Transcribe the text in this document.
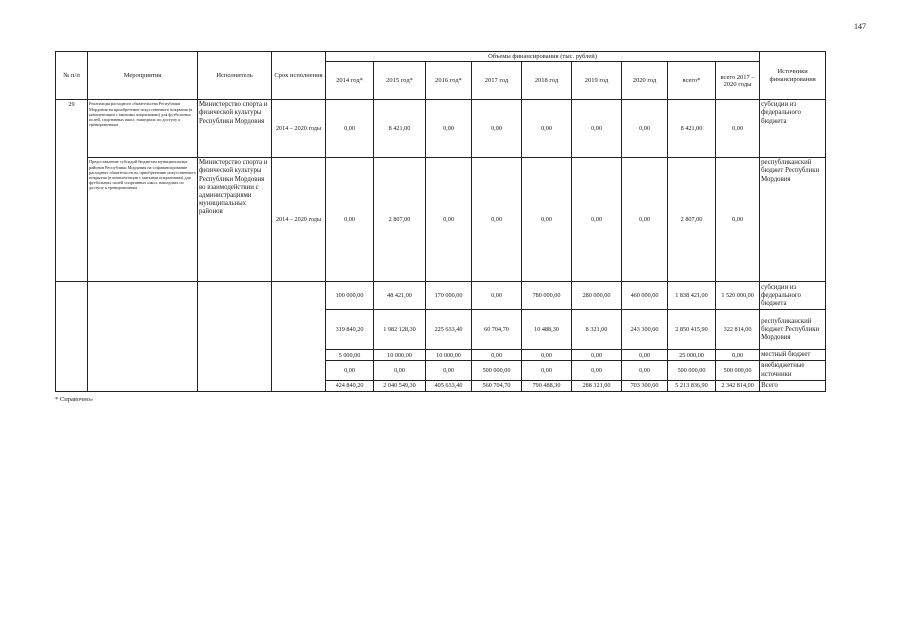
147
№ п/п	Мероприятия	Исполнитель	Срок исполнения	Объемы финансирования (тыс. рублей)									Источники финансирования
				2014 год*	2015 год*	2016 год*	2017 год	2018 год	2019 год	2020 год	всего*	всего 2017 – 2020 годы	
29	Реализация расходного обязательства Республики Мордовия на приобретение искусственного покрытия (в комплектации с мягкими покрытиями) для футбольных полей, спортивных школ, нашедших по доступу к тренировочным	Министерство спорта и физической культуры Республики Мордовия	2014 – 2020 годы	0,00	8 421,00	0,00	0,00	0,00	0,00	0,00	8 421,00	0,00	субсидии из федерального бюджета
	Предоставление субсидий бюджетам муниципальных районов Республики Мордовия на софинансирование расходных обязательств по приобретению искусственного покрытия (в комплектации с мягкими покрытиями) для футбольных полей спортивных школ, нашедших по доступу к тренировочным	Министерство спорта и физической культуры Республики Мордовия во взаимодействии с администрациями муниципальных районов	2014 – 2020 годы	0,00	2 807,00	0,00	0,00	0,00	0,00	0,00	2 807,00	0,00	республиканский бюджет Республики Мордовия
				100 000,00	48 421,00	170 000,00	0,00	780 000,00	280 000,00	460 000,00	1 838 421,00	1 520 000,00	субсидии из федерального бюджета
				319 840,20	1 982 128,30	225 633,40	60 704,70	10 488,30	8 321,00	243 300,00	2 850 415,90	322 814,00	республиканский бюджет Республики Мордовия
				5 000,00	10 000,00	10 000,00	0,00	0,00	0,00	0,00	25 000,00	0,00	местный бюджет
				0,00	0,00	0,00	500 000,00	0,00	0,00	0,00	500 000,00	500 000,00	внебюджетные источники
				424 840,20	2 040 549,30	405 633,40	560 704,70	790 488,30	288 321,00	703 300,00	5 213 836,90	2 342 814,00	Всего
* Справочно»
